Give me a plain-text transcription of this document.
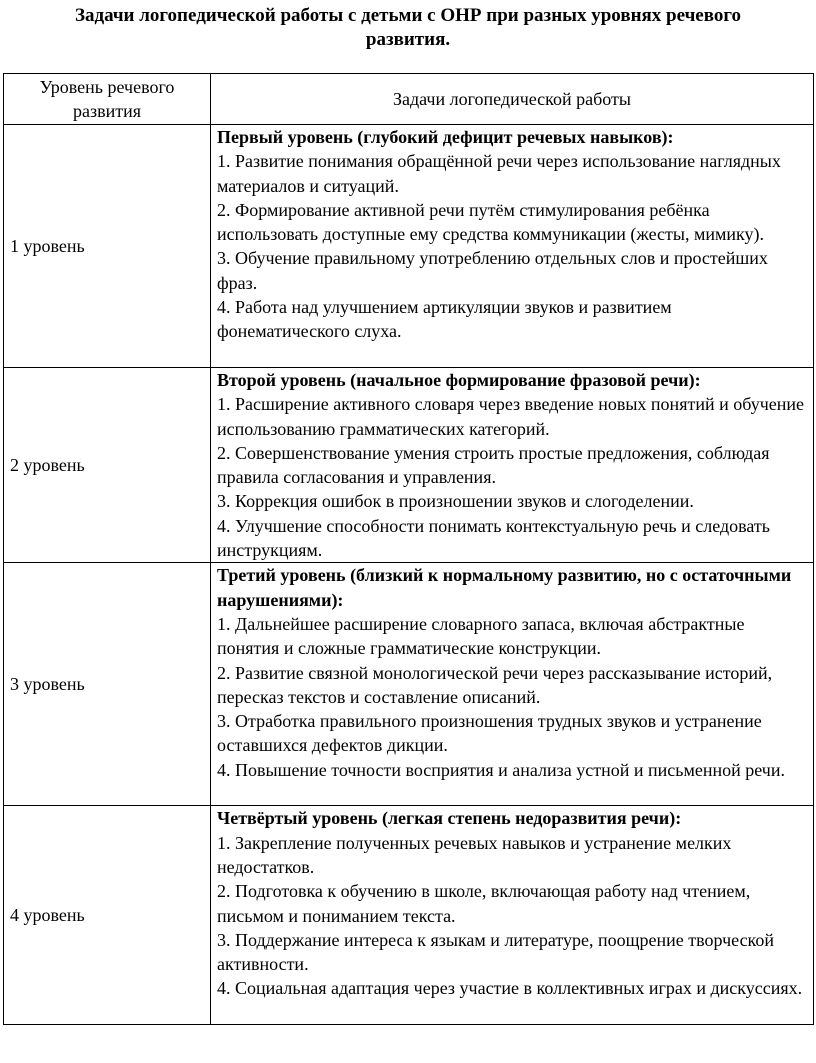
Задачи логопедической работы с детьми с ОНР при разных уровнях речевого
развития.
Уровень речевого развития	Задачи логопедической работы
1 уровень	Первый уровень (глубокий дефицит речевых навыков):
1. Развитие понимания обращённой речи через использование наглядных материалов и ситуаций.
2. Формирование активной речи путём стимулирования ребёнка использовать доступные ему средства коммуникации (жесты, мимику).
3. Обучение правильному употреблению отдельных слов и простейших фраз.
4. Работа над улучшением артикуляции звуков и развитием фонематического слуха.

2 уровень	Второй уровень (начальное формирование фразовой речи):
1. Расширение активного словаря через введение новых понятий и обучение использованию грамматических категорий.
2. Совершенствование умения строить простые предложения, соблюдая правила согласования и управления.
3. Коррекция ошибок в произношении звуков и слогоделении.
4. Улучшение способности понимать контекстуальную речь и следовать инструкциям.

3 уровень	Третий уровень (близкий к нормальному развитию, но с остаточными нарушениями):
1. Дальнейшее расширение словарного запаса, включая абстрактные понятия и сложные грамматические конструкции.
2. Развитие связной монологической речи через рассказывание историй, пересказ текстов и составление описаний.
3. Отработка правильного произношения трудных звуков и устранение оставшихся дефектов дикции.
4. Повышение точности восприятия и анализа устной и письменной речи.

4 уровень	Четвёртый уровень (легкая степень недоразвития речи):
1. Закрепление полученных речевых навыков и устранение мелких недостатков.
2. Подготовка к обучению в школе, включающая работу над чтением, письмом и пониманием текста.
3. Поддержание интереса к языкам и литературе, поощрение творческой активности.
4. Социальная адаптация через участие в коллективных играх и дискуссиях.
